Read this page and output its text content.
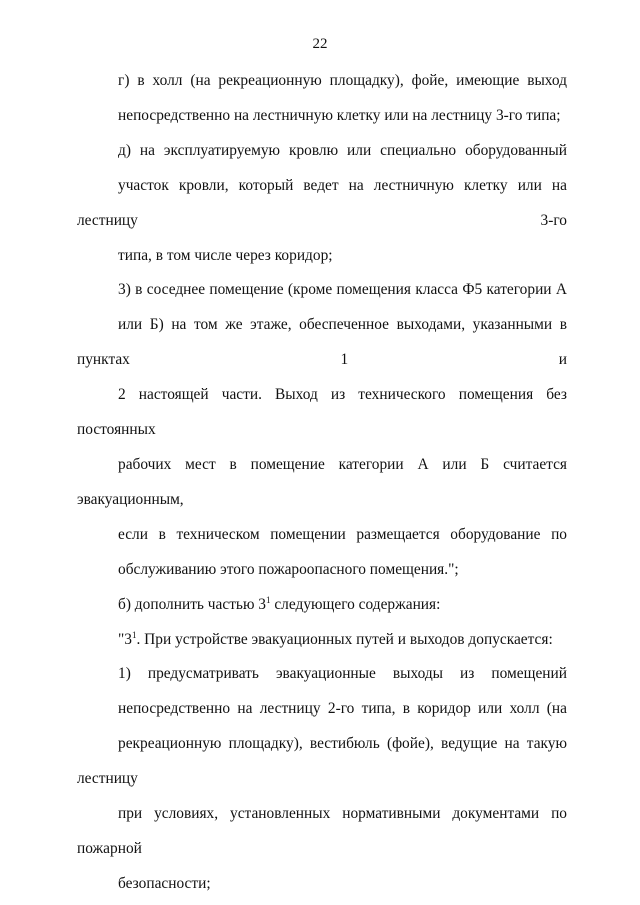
22

г) в холл (на рекреационную площадку), фойе, имеющие выход
непосредственно на лестничную клетку или на лестницу 3-го типа;

д) на эксплуатируемую кровлю или специально оборудованный
участок кровли, который ведет на лестничную клетку или на лестницу 3-го
типа, в том числе через коридор;

3) в соседнее помещение (кроме помещения класса Ф5 категории А
или Б) на том же этаже, обеспеченное выходами, указанными в пунктах 1 и
2 настоящей части. Выход из технического помещения без постоянных
рабочих мест в помещение категории А или Б считается эвакуационным,
если в техническом помещении размещается оборудование по
обслуживанию этого пожароопасного помещения.";

б) дополнить частью $3^1$ следующего содержания:

"$3^1$. При устройстве эвакуационных путей и выходов допускается:

1) предусматривать эвакуационные выходы из помещений
непосредственно на лестницу 2-го типа, в коридор или холл (на
рекреационную площадку), вестибюль (фойе), ведущие на такую лестницу
при условиях, установленных нормативными документами по пожарной
безопасности;
